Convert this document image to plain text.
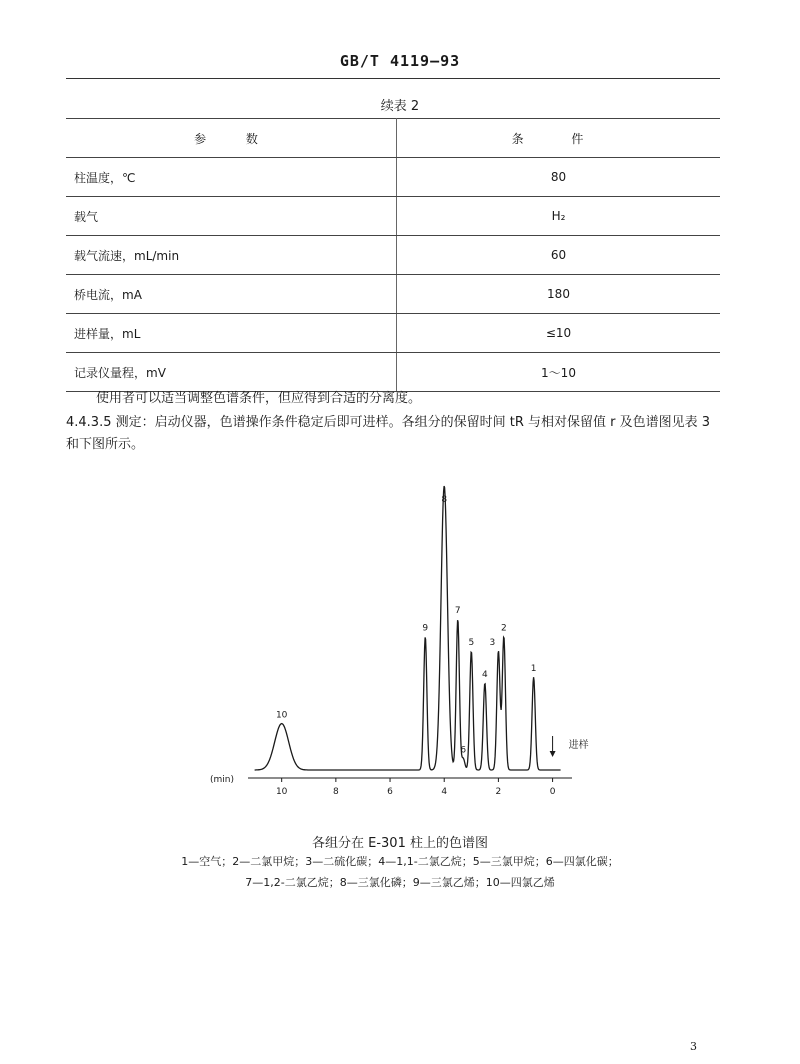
GB/T 4119—93
续表 2
参 数	条 件
柱温度，℃	80
载气	H₂
载气流速，mL/min	60
桥电流，mA	180
进样量，mL	≤10
记录仪量程，mV	1～10
使用者可以适当调整色谱条件，但应得到合适的分离度。
4.4.3.5 测定：启动仪器，色谱操作条件稳定后即可进样。各组分的保留时间 tR 与相对保留值 r 及色谱图见表 3 和下图所示。
1
2
3
4
5
6
7
8
9
10
10	8	6	4	2	0
(min)
进样
各组分在 E-301 柱上的色谱图
1—空气；2—二氯甲烷；3—二硫化碳；4—1,1-二氯乙烷；5—三氯甲烷；6—四氯化碳；
7—1,2-二氯乙烷；8—三氯化磷；9—三氯乙烯；10—四氯乙烯
3
